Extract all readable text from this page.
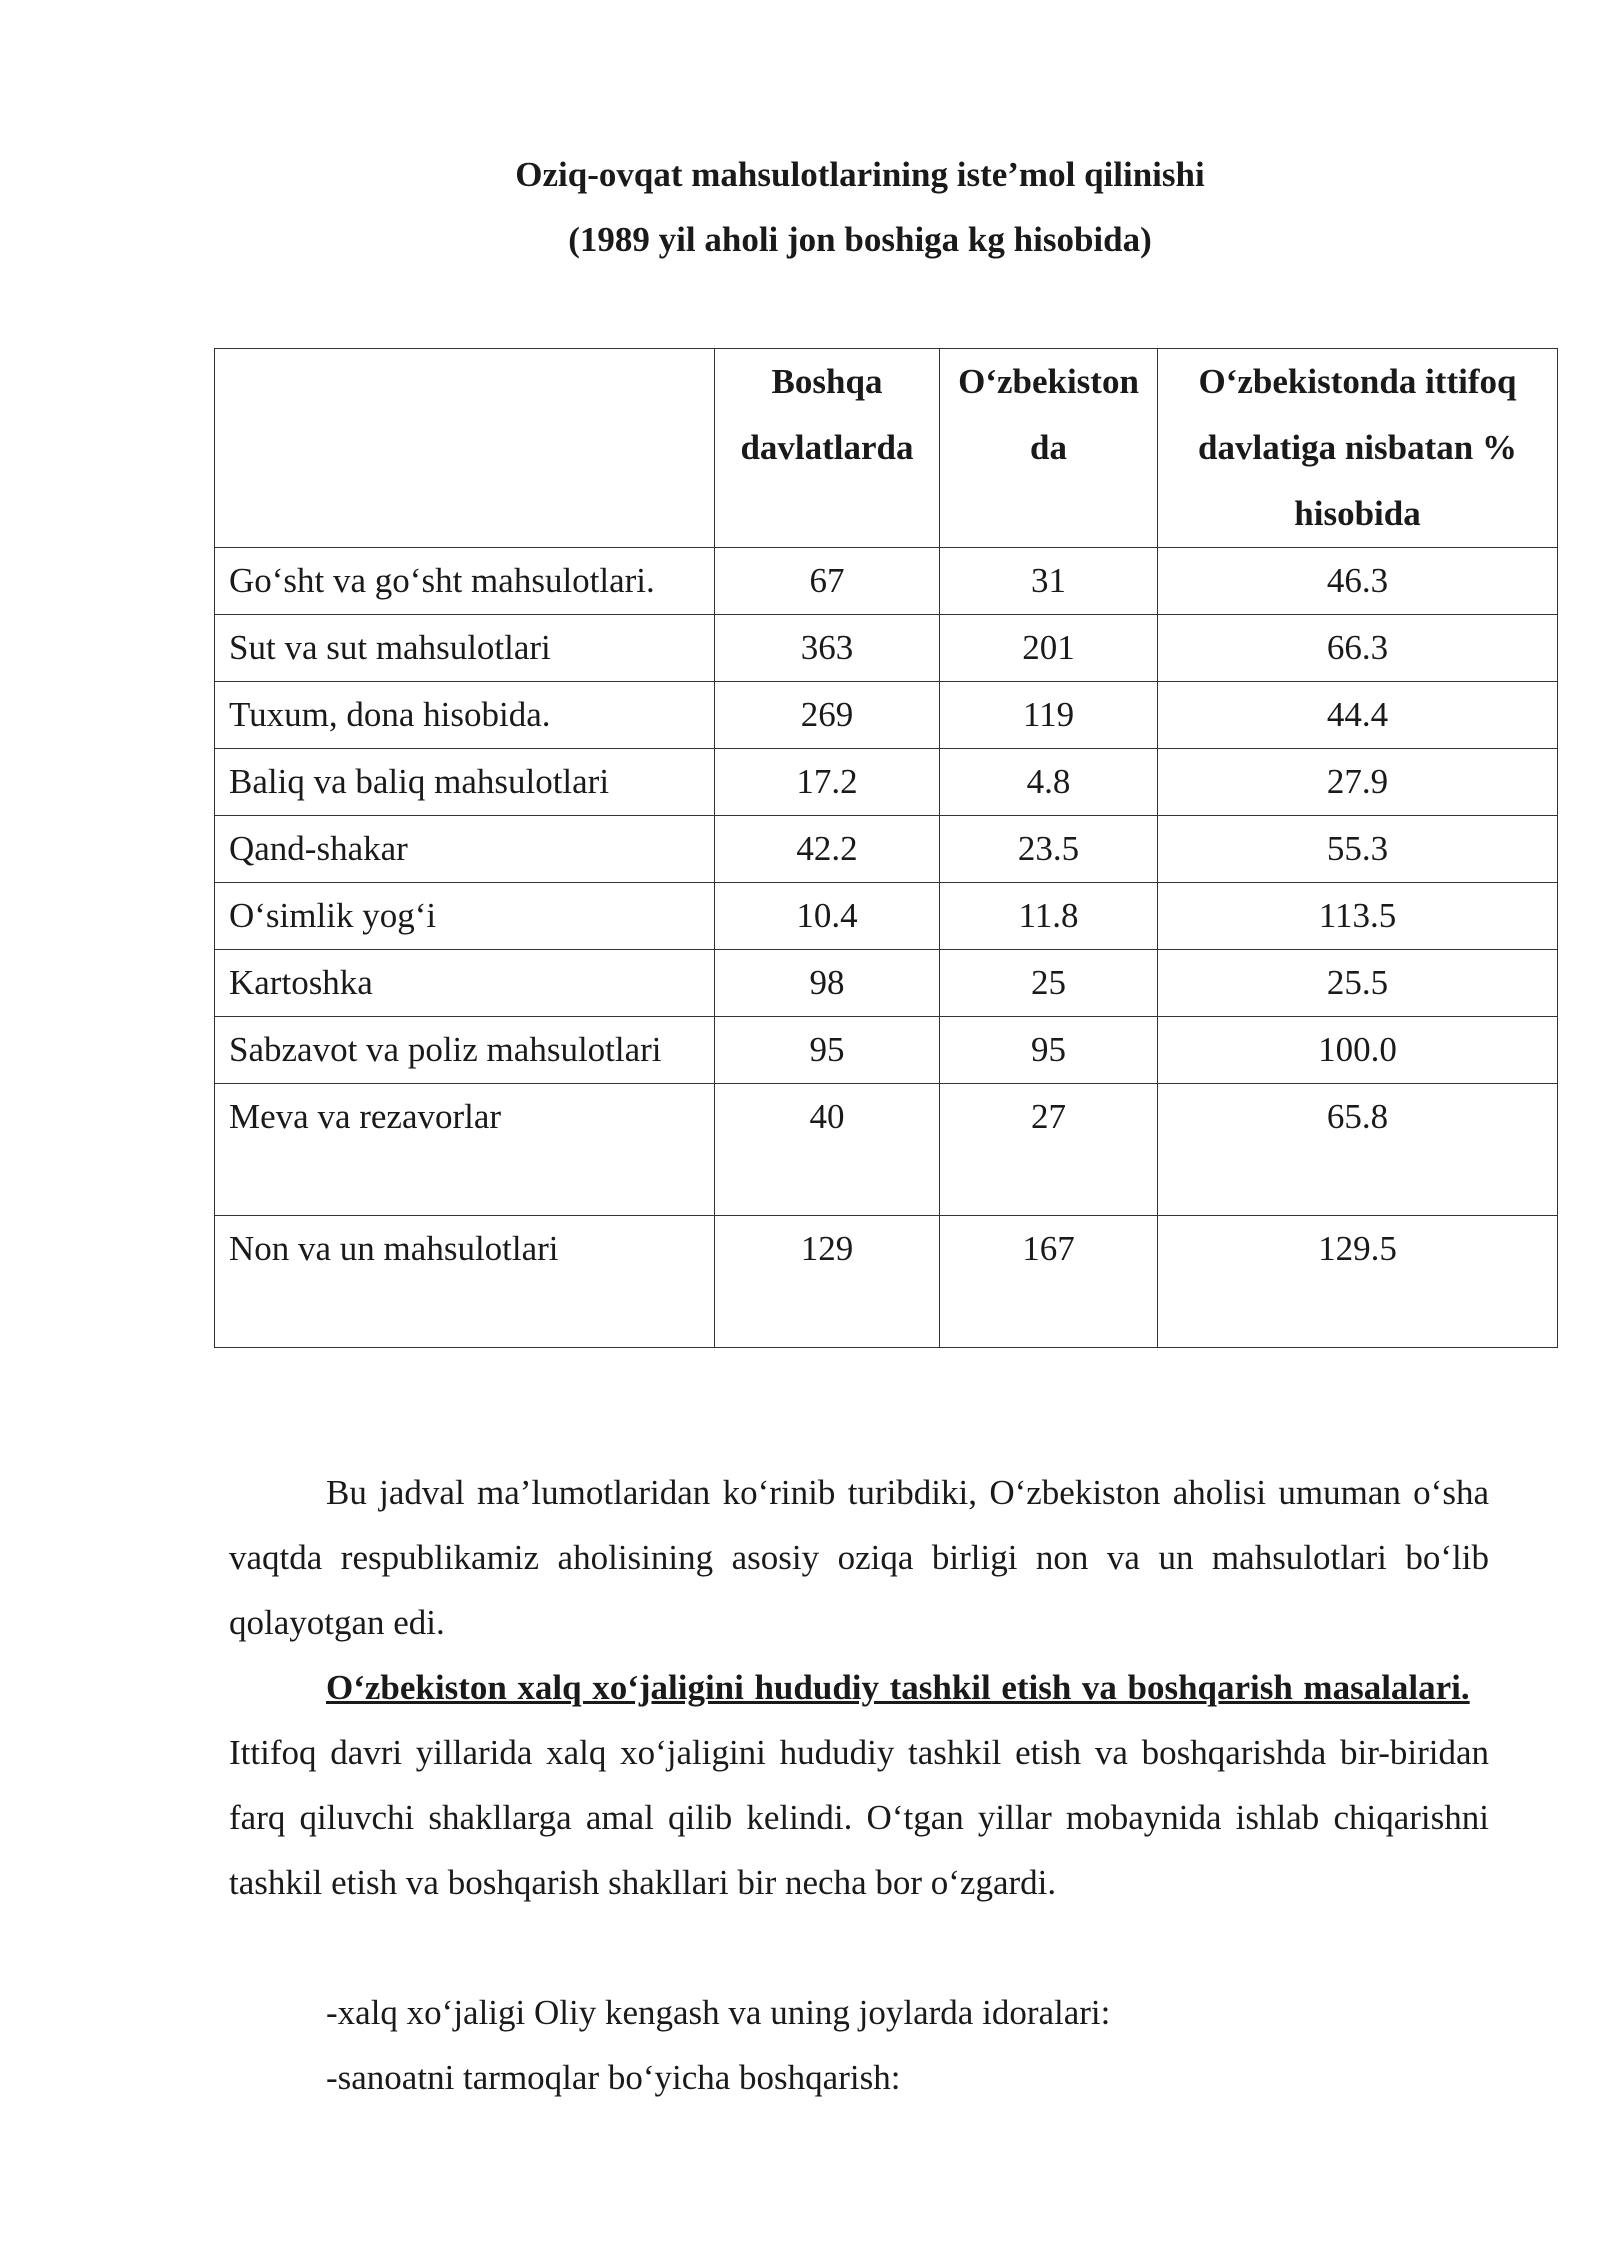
Oziq-ovqat mahsulotlarining iste’mol qilinishi
(1989 yil aholi jon boshiga kg hisobida)
	Boshqa davlatlarda	O‘zbekiston da	O‘zbekistonda ittifoq davlatiga nisbatan % hisobida
Go‘sht va go‘sht mahsulotlari.	67	31	46.3
Sut va sut mahsulotlari	363	201	66.3
Tuxum, dona hisobida.	269	119	44.4
Baliq va baliq mahsulotlari	17.2	4.8	27.9
Qand-shakar	42.2	23.5	55.3
O‘simlik yog‘i	10.4	11.8	113.5
Kartoshka	98	25	25.5
Sabzavot va poliz mahsulotlari	95	95	100.0
Meva va rezavorlar	40	27	65.8
Non va un mahsulotlari	129	167	129.5
Bu jadval ma’lumotlaridan ko‘rinib turibdiki, O‘zbekiston aholisi umuman o‘sha vaqtda respublikamiz aholisining asosiy oziqa birligi non va un mahsulotlari bo‘lib qolayotgan edi.
O‘zbekiston xalq xo‘jaligini hududiy tashkil etish va boshqarish masalalari.   Ittifoq davri yillarida xalq xo‘jaligini hududiy tashkil etish va boshqarishda bir-biridan farq qiluvchi shakllarga amal qilib kelindi. O‘tgan yillar mobaynida ishlab chiqarishni tashkil etish va boshqarish shakllari bir necha bor o‘zgardi.
-xalq xo‘jaligi Oliy kengash va uning joylarda idoralari:
-sanoatni tarmoqlar bo‘yicha boshqarish:
